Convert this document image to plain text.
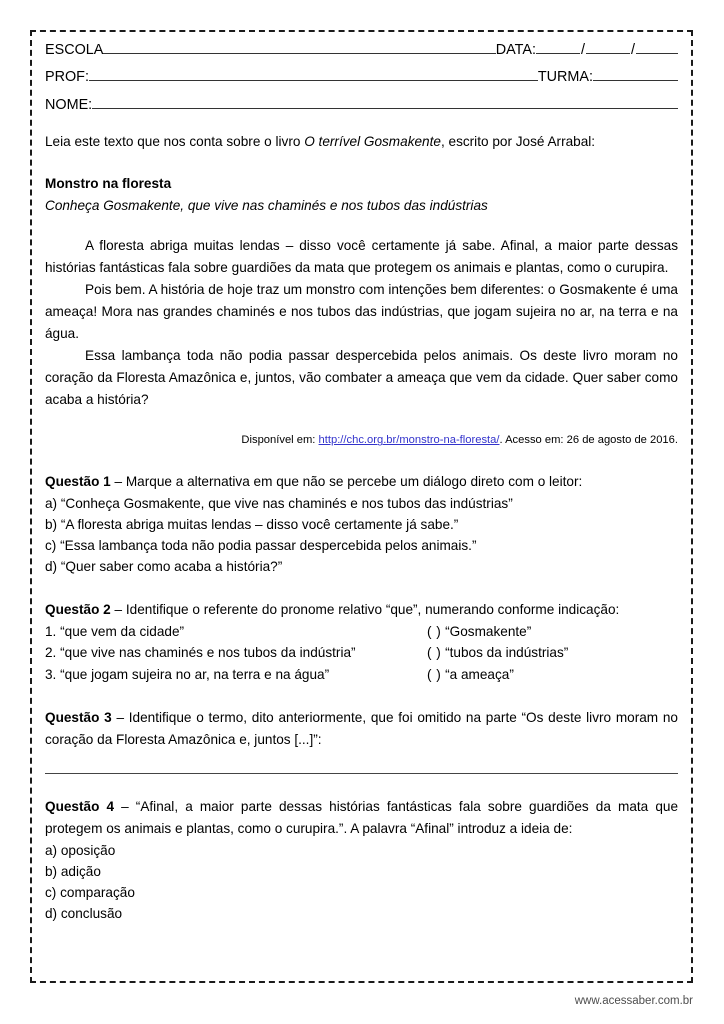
ESCOLA	DATA:	/	/
PROF:	TURMA:
NOME:

Leia este texto que nos conta sobre o livro O terrível Gosmakente, escrito por José Arrabal:

Monstro na floresta
Conheça Gosmakente, que vive nas chaminés e nos tubos das indústrias

A floresta abriga muitas lendas – disso você certamente já sabe. Afinal, a maior parte dessas histórias fantásticas fala sobre guardiões da mata que protegem os animais e plantas, como o curupira.

Pois bem. A história de hoje traz um monstro com intenções bem diferentes: o Gosmakente é uma ameaça! Mora nas grandes chaminés e nos tubos das indústrias, que jogam sujeira no ar, na terra e na água.

Essa lambança toda não podia passar despercebida pelos animais. Os deste livro moram no coração da Floresta Amazônica e, juntos, vão combater a ameaça que vem da cidade. Quer saber como acaba a história?

Disponível em: http://chc.org.br/monstro-na-floresta/. Acesso em: 26 de agosto de 2016.

Questão 1 – Marque a alternativa em que não se percebe um diálogo direto com o leitor:

a) “Conheça Gosmakente, que vive nas chaminés e nos tubos das indústrias”

b) “A floresta abriga muitas lendas – disso você certamente já sabe.”

c) “Essa lambança toda não podia passar despercebida pelos animais.”

d) “Quer saber como acaba a história?”

Questão 2 – Identifique o referente do pronome relativo “que”, numerando conforme indicação:

1. “que vem da cidade”	( ) “Gosmakente”
2. “que vive nas chaminés e nos tubos da indústria”	( ) “tubos da indústrias”
3. “que jogam sujeira no ar, na terra e na água”	( ) “a ameaça”

Questão 3 – Identifique o termo, dito anteriormente, que foi omitido na parte “Os deste livro moram no coração da Floresta Amazônica e, juntos [...]”:

Questão 4 – “Afinal, a maior parte dessas histórias fantásticas fala sobre guardiões da mata que protegem os animais e plantas, como o curupira.”. A palavra “Afinal” introduz a ideia de:

a) oposição

b) adição

c) comparação

d) conclusão

www.acessaber.com.br
